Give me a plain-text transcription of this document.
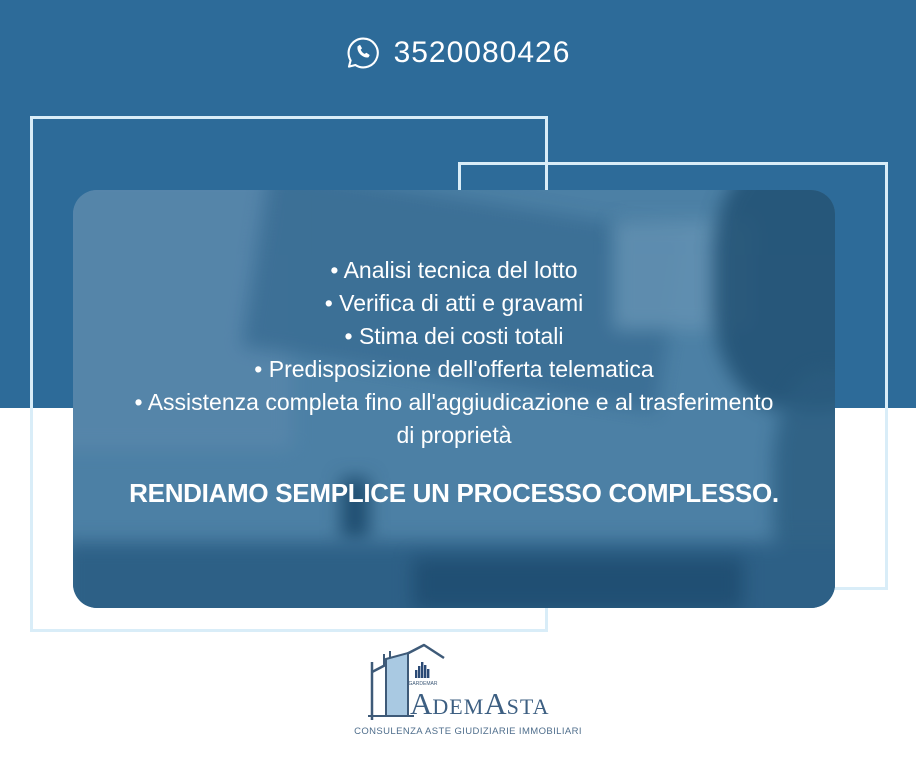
3520080426
• Analisi tecnica del lotto
• Verifica di atti e gravami
• Stima dei costi totali
• Predisposizione dell'offerta telematica
• Assistenza completa fino all'aggiudicazione e al trasferimento di proprietà
RENDIAMO SEMPLICE UN PROCESSO COMPLESSO.
GARDEMAR
ADEMASTA
CONSULENZA ASTE GIUDIZIARIE IMMOBILIARI
